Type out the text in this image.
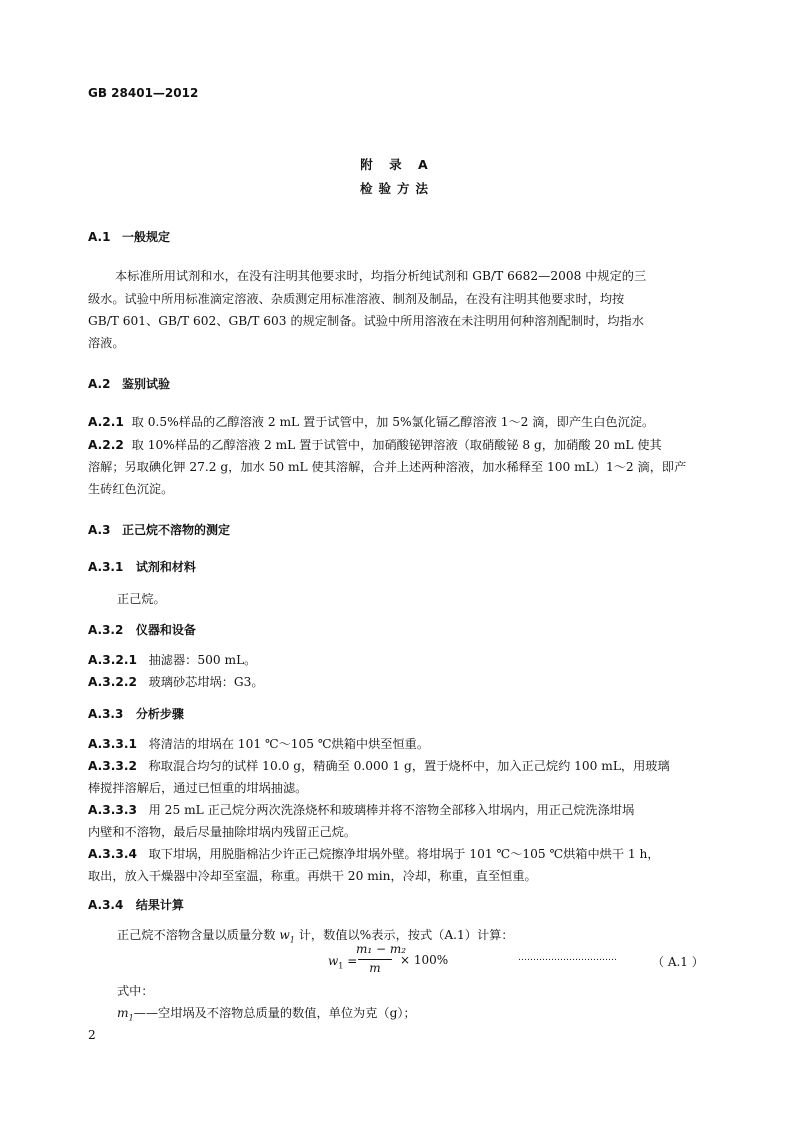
GB 28401—2012
附 录 A
检验方法
A.1 一般规定
本标准所用试剂和水，在没有注明其他要求时，均指分析纯试剂和 GB/T 6682—2008 中规定的三
级水。试验中所用标准滴定溶液、杂质测定用标准溶液、制剂及制品，在没有注明其他要求时，均按
GB/T 601、GB/T 602、GB/T 603 的规定制备。试验中所用溶液在未注明用何种溶剂配制时，均指水
溶液。
A.2 鉴别试验
A.2.1 取 0.5%样品的乙醇溶液 2 mL 置于试管中，加 5%氯化镉乙醇溶液 1～2 滴，即产生白色沉淀。
A.2.2 取 10%样品的乙醇溶液 2 mL 置于试管中，加硝酸铋钾溶液（取硝酸铋 8 g，加硝酸 20 mL 使其
溶解；另取碘化钾 27.2 g，加水 50 mL 使其溶解，合并上述两种溶液，加水稀释至 100 mL）1～2 滴，即产
生砖红色沉淀。
A.3 正己烷不溶物的测定
A.3.1 试剂和材料
正己烷。
A.3.2 仪器和设备
A.3.2.1 抽滤器：500 mL。
A.3.2.2 玻璃砂芯坩埚：G3。
A.3.3 分析步骤
A.3.3.1 将清洁的坩埚在 101 ℃～105 ℃烘箱中烘至恒重。
A.3.3.2 称取混合均匀的试样 10.0 g，精确至 0.000 1 g，置于烧杯中，加入正己烷约 100 mL，用玻璃
棒搅拌溶解后，通过已恒重的坩埚抽滤。
A.3.3.3 用 25 mL 正己烷分两次洗涤烧杯和玻璃棒并将不溶物全部移入坩埚内，用正己烷洗涤坩埚
内壁和不溶物，最后尽量抽除坩埚内残留正己烷。
A.3.3.4 取下坩埚，用脱脂棉沾少许正己烷擦净坩埚外壁。将坩埚于 101 ℃～105 ℃烘箱中烘干 1 h，
取出，放入干燥器中冷却至室温，称重。再烘干 20 min，冷却，称重，直至恒重。
A.3.4 结果计算
正己烷不溶物含量以质量分数 $w_1$ 计，数值以%表示，按式（A.1）计算：
$w_1$ =
m₁ − m₂
m
× 100%	……………………………	（ A.1 ）
式中：
$m_1——$空坩埚及不溶物总质量的数值，单位为克（g）；
2
